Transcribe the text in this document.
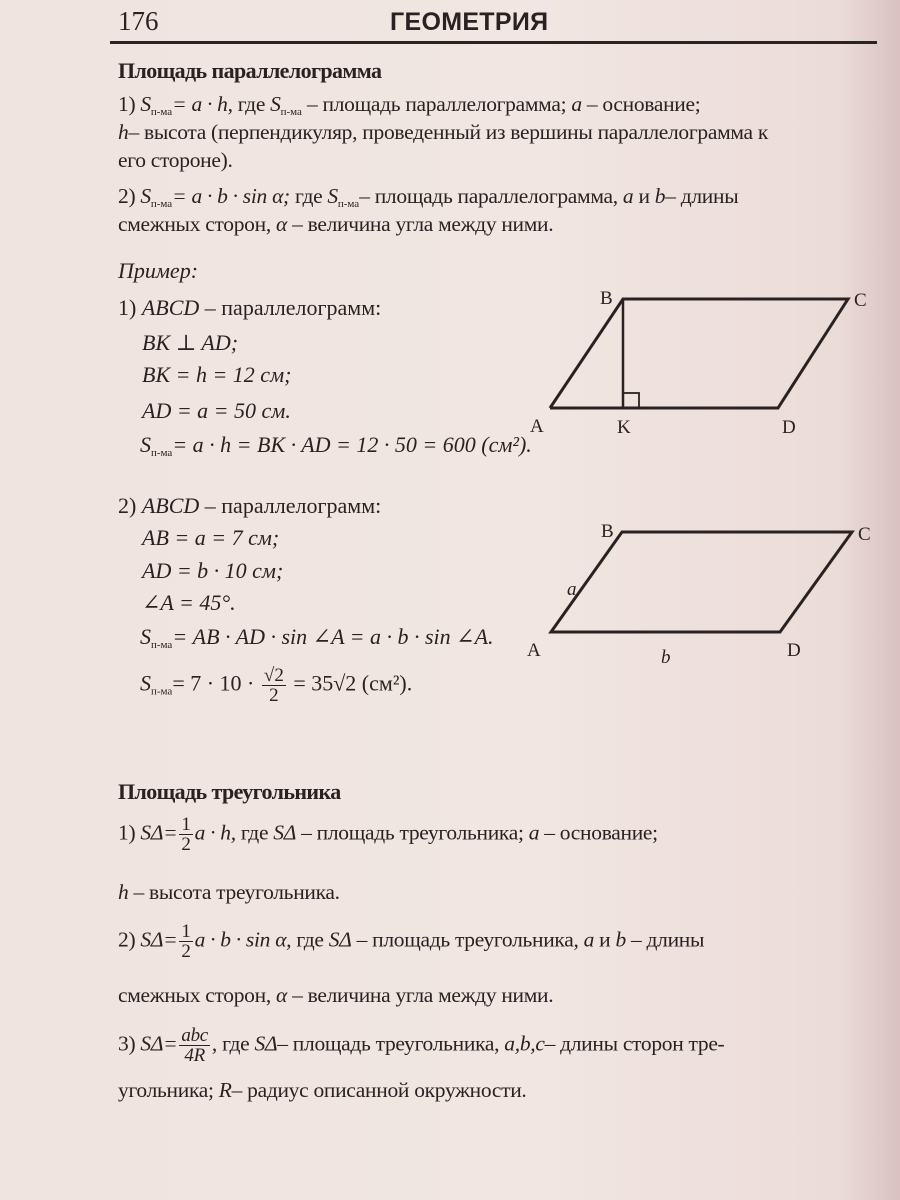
176	ГЕОМЕТРИЯ
Площадь параллелограмма
1) $S_{п-ма}= a \cdot h$, где $S_{п-ма}$ – площадь параллелограмма; a – основание;
h– высота (перпендикуляр, проведенный из вершины параллелограмма к
его стороне).
2) $S_{п-ма}= a \cdot b \cdot \sin \alpha$; где $S_{п-ма}-$ площадь параллелограмма, a и b– длины
смежных сторон, α – величина угла между ними.
Пример:
1) ABCD – параллелограмм:
BK ⊥ AD;
BK = h = 12 см;
AD = a = 50 см.
$S_{п-ма}= a \cdot h$ = BK · AD = 12 · 50 = 600 (см²).
B	C
A	K	D
2) ABCD – параллелограмм:
AB = a = 7 см;
AD = b · 10 см;
∠A = 45°.
$S_{п-ма}=$ AB · AD · sin ∠A = a · b · sin ∠A.
$S_{п-ма}= 7 \cdot 10 \cdot \frac{√2}{2} = 35√2$ (см²).
B	C
A	D
a
b
Площадь треугольника
1) $S\Delta= \frac{1}{2}$ a · h, где SΔ – площадь треугольника; a – основание;
h – высота треугольника.
2) $S\Delta= \frac{1}{2}$ a · b · sin α, где SΔ – площадь треугольника, a и b – длины
смежных сторон, α – величина угла между ними.
3) $S\Delta= \frac{\text{abc}}{4R}$ , где SΔ– площадь треугольника, a,b,c– длины сторон тре-
угольника; R– радиус описанной окружности.
